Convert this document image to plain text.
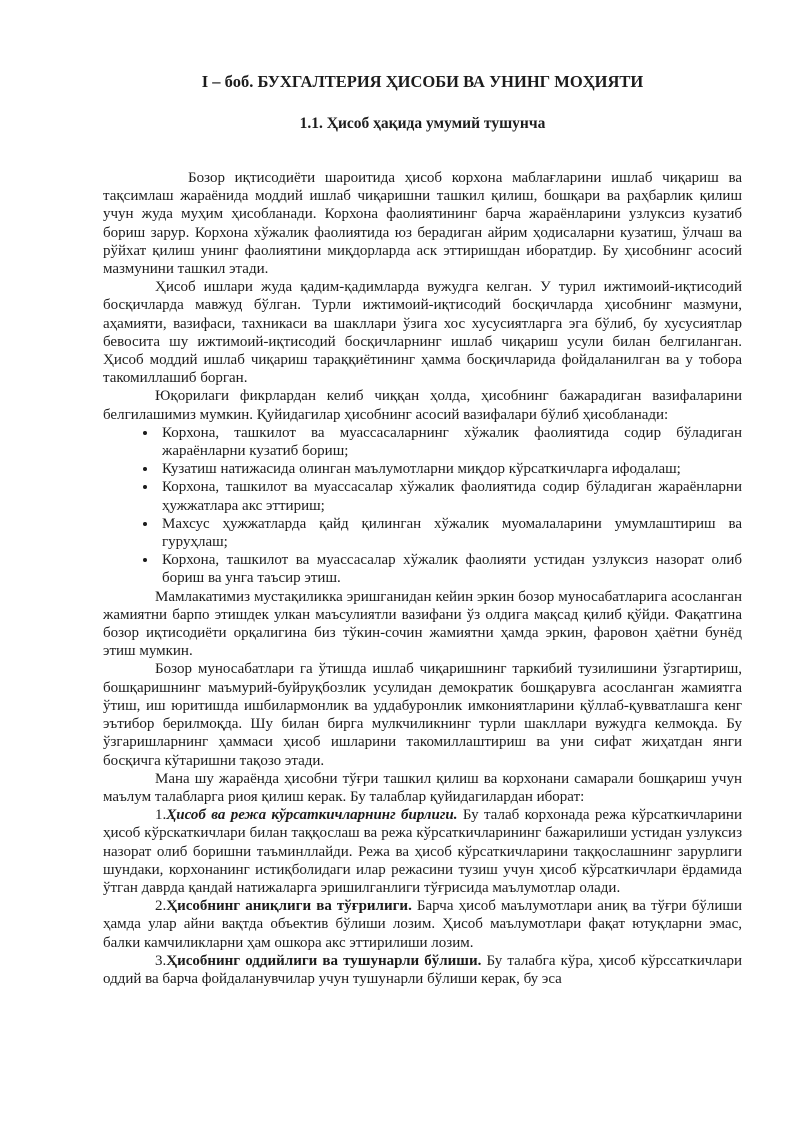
I – боб. БУХГАЛТЕРИЯ ҲИСОБИ ВА УНИНГ МОҲИЯТИ
1.1. Ҳисоб ҳақида умумий тушунча

Бозор иқтисодиёти шароитида ҳисоб корхона маблағларини ишлаб чиқариш ва тақсимлаш жараёнида моддий ишлаб чиқаришни ташкил қилиш, бошқари ва раҳбарлик қилиш учун жуда муҳим ҳисобланади. Корхона фаолиятининг барча жараёнларини узлуксиз кузатиб бориш зарур. Корхона хўжалик фаолиятида юз берадиган айрим ҳодисаларни кузатиш, ўлчаш ва рўйхат қилиш унинг фаолиятини миқдорларда аск эттиришдан иборатдир. Бу ҳисобнинг асосий мазмунини ташкил этади.

Ҳисоб ишлари жуда қадим-қадимларда вужудга келган. У турил ижтимоий-иқтисодий босқичларда мавжуд бўлган. Турли ижтимоий-иқтисодий босқичларда ҳисобнинг мазмуни, аҳамияти, вазифаси, тахникаси ва шакллари ўзига хос хусусиятларга эга бўлиб, бу хусусиятлар бевосита шу ижтимоий-иқтисодий босқичларнинг ишлаб чиқариш усули билан белгиланган. Ҳисоб моддий ишлаб чиқариш тараққиётининг ҳамма босқичларида фойдаланилган ва у тобора такомиллашиб борган.

Юқорилаги фикрлардан келиб чиққан ҳолда, ҳисобнинг бажарадиган вазифаларини белгилашимиз мумкин. Қуйидагилар ҳисобнинг асосий вазифалари бўлиб ҳисобланади:

• Корхона, ташкилот ва муассасаларнинг хўжалик фаолиятида содир бўладиган жараёнларни кузатиб бориш;
• Кузатиш натижасида олинган маълумотларни миқдор кўрсаткичларга ифодалаш;
• Корхона, ташкилот ва муассасалар хўжалик фаолиятида содир бўладиган жараёнларни ҳужжатлара акс эттириш;
• Махсус ҳужжатларда қайд қилинган хўжалик муомалаларини умумлаштириш ва гуруҳлаш;
• Корхона, ташкилот ва муассасалар хўжалик фаолияти устидан узлуксиз назорат олиб бориш ва унга таъсир этиш.

Мамлакатимиз мустақиликка эришганидан кейин эркин бозор муносабатларига асосланган жамиятни барпо этишдек улкан маъсулиятли вазифани ўз олдига мақсад қилиб қўйди. Фақатгина бозор иқтисодиёти орқалигина биз тўкин-сочин жамиятни ҳамда эркин, фаровон ҳаётни бунёд этиш мумкин.

Бозор муносабатлари га ўтишда ишлаб чиқаришнинг таркибий тузилишини ўзгартириш, бошқаришнинг маъмурий-буйруқбозлик усулидан демократик бошқарувга асосланган жамиятга ўтиш, иш юритишда ишбилармонлик ва уддабуронлик имкониятларини қўллаб-қувватлашга кенг эътибор берилмоқда. Шу билан бирга мулкчиликнинг турли шакллари вужудга келмоқда. Бу ўзгаришларнинг ҳаммаси ҳисоб ишларини такомиллаштириш ва уни сифат жиҳатдан янги босқичга кўтаришни тақозо этади.

Мана шу жараёнда ҳисобни тўғри ташкил қилиш ва корхонани самарали бошқариш учун маълум талабларга риоя қилиш керак. Бу талаблар қуйидагилардан иборат:

1.Ҳисоб ва режа кўрсаткичларнинг бирлиги. Бу талаб корхонада режа кўрсаткичларини ҳисоб кўрскаткичлари билан таққослаш ва режа кўрсаткичларининг бажарилиши устидан узлуксиз назорат олиб боришни таъминллайди. Режа ва ҳисоб кўрсаткичларини таққослашнинг зарурлиги шундаки, корхонанинг истиқболидаги илар режасини тузиш учун ҳисоб кўрсаткичлари ёрдамида ўтган даврда қандай натижаларга эришилганлиги тўғрисида маълумотлар олади.

2.Ҳисобнинг аниқлиги ва тўғрилиги. Барча ҳисоб маълумотлари аниқ ва тўғри бўлиши ҳамда улар айни вақтда объектив бўлиши лозим. Ҳисоб маълумотлари фақат ютуқларни эмас, балки камчиликларни ҳам ошкора акс эттирилиши лозим.

3.Ҳисобнинг оддийлиги ва тушунарли бўлиши. Бу талабга кўра, ҳисоб кўрссаткичлари оддий ва барча фойдаланувчилар учун тушунарли бўлиши керак, бу эса
